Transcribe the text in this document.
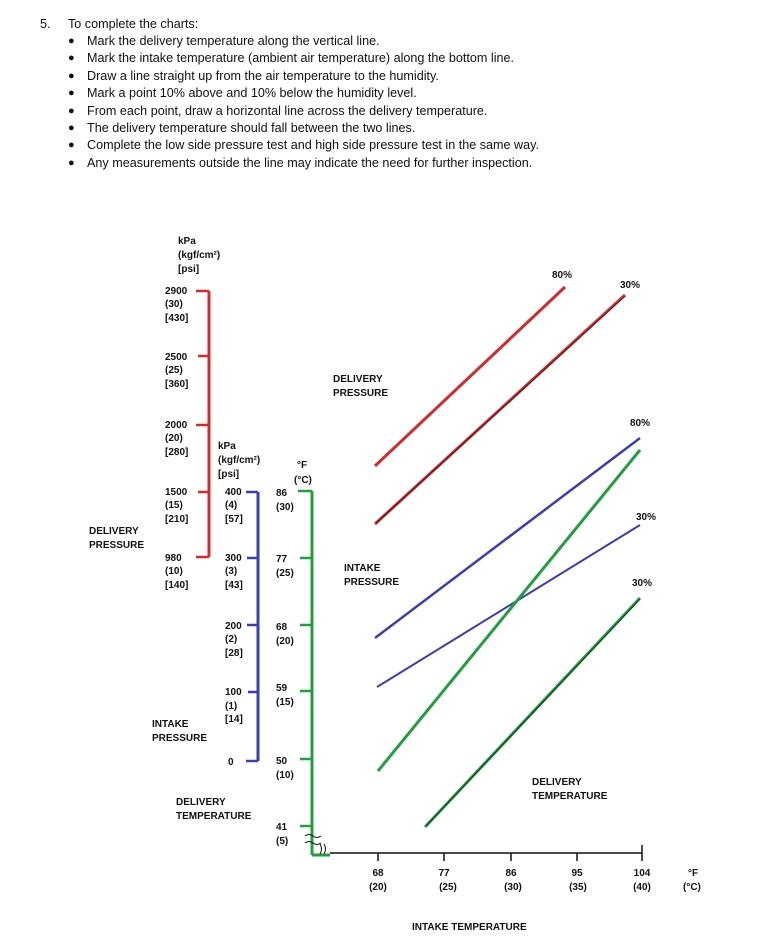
5. To complete the charts:
● Mark the delivery temperature along the vertical line.
● Mark the intake temperature (ambient air temperature) along the bottom line.
● Draw a line straight up from the air temperature to the humidity.
● Mark a point 10% above and 10% below the humidity level.
● From each point, draw a horizontal line across the delivery temperature.
● The delivery temperature should fall between the two lines.
● Complete the low side pressure test and high side pressure test in the same way.
● Any measurements outside the line may indicate the need for further inspection.
kPa
(kgf/cm²)
[psi]
2900
(30)
[430]
2500
(25)
[360]
2000
(20)
[280]
1500
(15)
[210]
980
(10)
[140]
DELIVERY
PRESSURE
kPa
(kgf/cm²)
[psi]
400
(4)
[57]
300
(3)
[43]
200
(2)
[28]
100
(1)
[14]
0
INTAKE
PRESSURE
°F
(°C)
86
(30)
77
(25)
68
(20)
59
(15)
50
(10)
41
(5)
DELIVERY
TEMPERATURE
68
(20)
77
(25)
86
(30)
95
(35)
104
(40)
°F
(°C)
INTAKE TEMPERATURE
DELIVERY
PRESSURE
INTAKE
PRESSURE
DELIVERY
TEMPERATURE
80%
30%
80%
30%
30%
